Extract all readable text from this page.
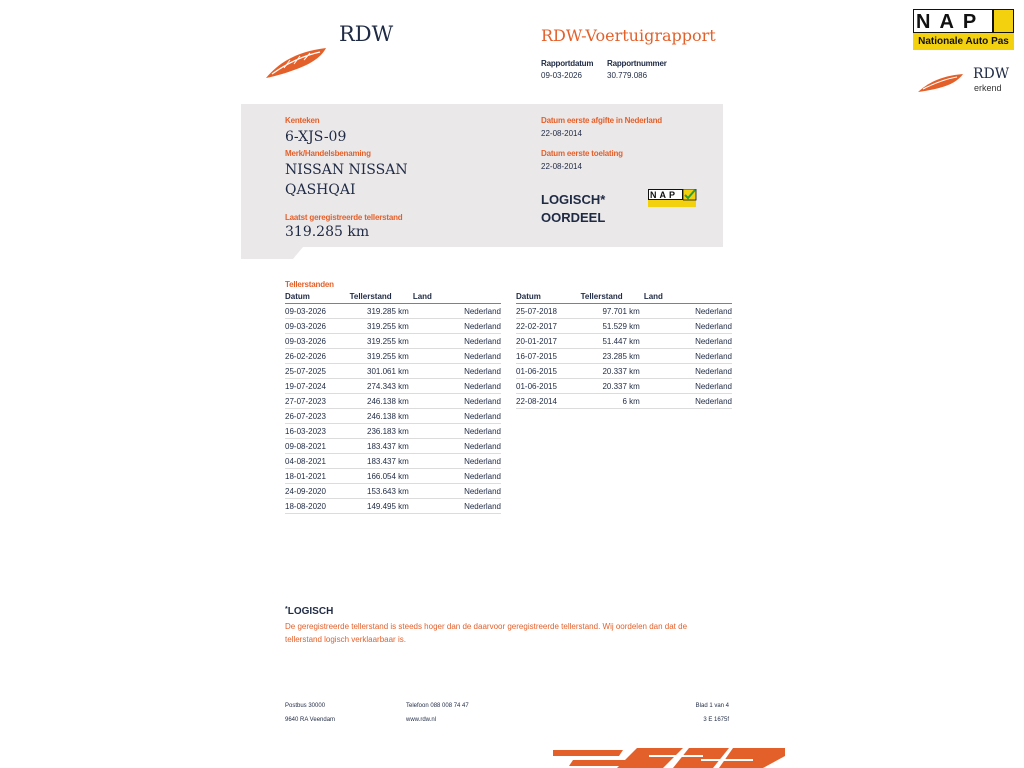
RDW	RDW-Voertuigrapport
Rapportdatum
09-03-2026
Rapportnummer
30.779.086
NAP
Nationale Auto Pas
RDW
erkend
Kenteken
6-XJS-09
Merk/Handelsbenaming
NISSAN NISSAN
QASHQAI
Laatst geregistreerde tellerstand
319.285 km
Datum eerste afgifte in Nederland
22-08-2014
Datum eerste toelating
22-08-2014
LOGISCH*
OORDEEL
NAP
Tellerstanden
Datum	Tellerstand	Land
09-03-2026	319.285 km	Nederland
09-03-2026	319.255 km	Nederland
09-03-2026	319.255 km	Nederland
26-02-2026	319.255 km	Nederland
25-07-2025	301.061 km	Nederland
19-07-2024	274.343 km	Nederland
27-07-2023	246.138 km	Nederland
26-07-2023	246.138 km	Nederland
16-03-2023	236.183 km	Nederland
09-08-2021	183.437 km	Nederland
04-08-2021	183.437 km	Nederland
18-01-2021	166.054 km	Nederland
24-09-2020	153.643 km	Nederland
18-08-2020	149.495 km	Nederland
Datum	Tellerstand	Land
25-07-2018	97.701 km	Nederland
22-02-2017	51.529 km	Nederland
20-01-2017	51.447 km	Nederland
16-07-2015	23.285 km	Nederland
01-06-2015	20.337 km	Nederland
01-06-2015	20.337 km	Nederland
22-08-2014	6 km	Nederland
*LOGISCH
De geregistreerde tellerstand is steeds hoger dan de daarvoor geregistreerde tellerstand. Wij oordelen dan dat de
tellerstand logisch verklaarbaar is.
Postbus 30000
9640 RA Veendam
Telefoon 088 008 74 47
www.rdw.nl
Blad 1 van 4
3 E 1675f
